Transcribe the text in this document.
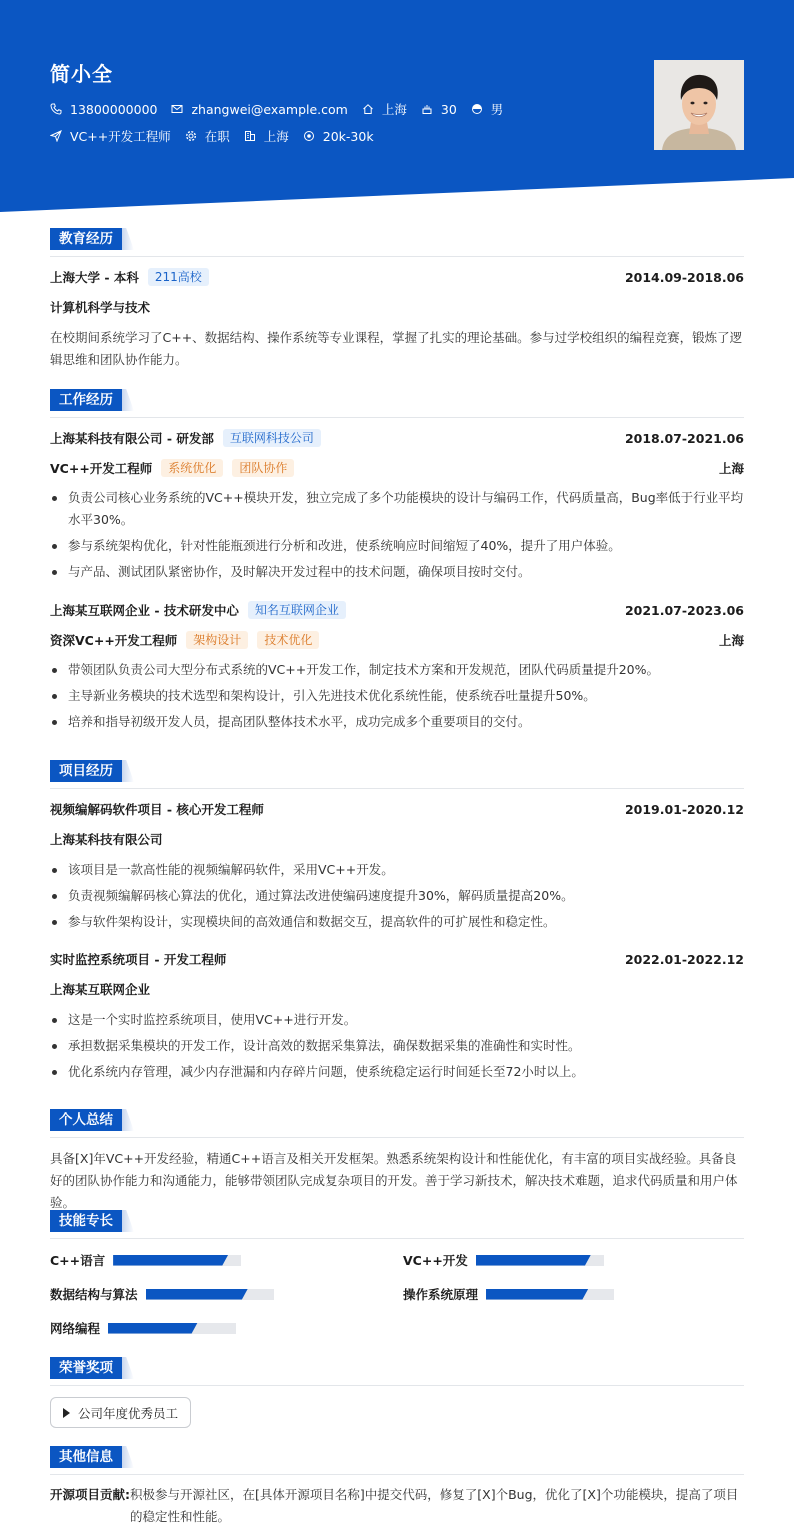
简小全
13800000000	zhangwei@example.com	上海	30	男
VC++开发工程师	在职	上海	20k-30k
教育经历
上海大学 - 本科	211高校	2014.09-2018.06
计算机科学与技术
在校期间系统学习了C++、数据结构、操作系统等专业课程，掌握了扎实的理论基础。参与过学校组织的编程竞赛，锻炼了逻辑思维和团队协作能力。
工作经历
上海某科技有限公司 - 研发部	互联网科技公司	2018.07-2021.06
VC++开发工程师	系统优化	团队协作	上海
负责公司核心业务系统的VC++模块开发，独立完成了多个功能模块的设计与编码工作，代码质量高，Bug率低于行业平均水平30%。
参与系统架构优化，针对性能瓶颈进行分析和改进，使系统响应时间缩短了40%，提升了用户体验。
与产品、测试团队紧密协作，及时解决开发过程中的技术问题，确保项目按时交付。
上海某互联网企业 - 技术研发中心	知名互联网企业	2021.07-2023.06
资深VC++开发工程师	架构设计	技术优化	上海
带领团队负责公司大型分布式系统的VC++开发工作，制定技术方案和开发规范，团队代码质量提升20%。
主导新业务模块的技术选型和架构设计，引入先进技术优化系统性能，使系统吞吐量提升50%。
培养和指导初级开发人员，提高团队整体技术水平，成功完成多个重要项目的交付。
项目经历
视频编解码软件项目 - 核心开发工程师	2019.01-2020.12
上海某科技有限公司
该项目是一款高性能的视频编解码软件，采用VC++开发。
负责视频编解码核心算法的优化，通过算法改进使编码速度提升30%，解码质量提高20%。
参与软件架构设计，实现模块间的高效通信和数据交互，提高软件的可扩展性和稳定性。
实时监控系统项目 - 开发工程师	2022.01-2022.12
上海某互联网企业
这是一个实时监控系统项目，使用VC++进行开发。
承担数据采集模块的开发工作，设计高效的数据采集算法，确保数据采集的准确性和实时性。
优化系统内存管理，减少内存泄漏和内存碎片问题，使系统稳定运行时间延长至72小时以上。
个人总结
具备[X]年VC++开发经验，精通C++语言及相关开发框架。熟悉系统架构设计和性能优化，有丰富的项目实战经验。具备良好的团队协作能力和沟通能力，能够带领团队完成复杂项目的开发。善于学习新技术，解决技术难题，追求代码质量和用户体验。
技能专长
C++语言	VC++开发
数据结构与算法	操作系统原理
网络编程
荣誉奖项
公司年度优秀员工
其他信息
开源项目贡献: 积极参与开源社区，在[具体开源项目名称]中提交代码，修复了[X]个Bug，优化了[X]个功能模块，提高了项目的稳定性和性能。
